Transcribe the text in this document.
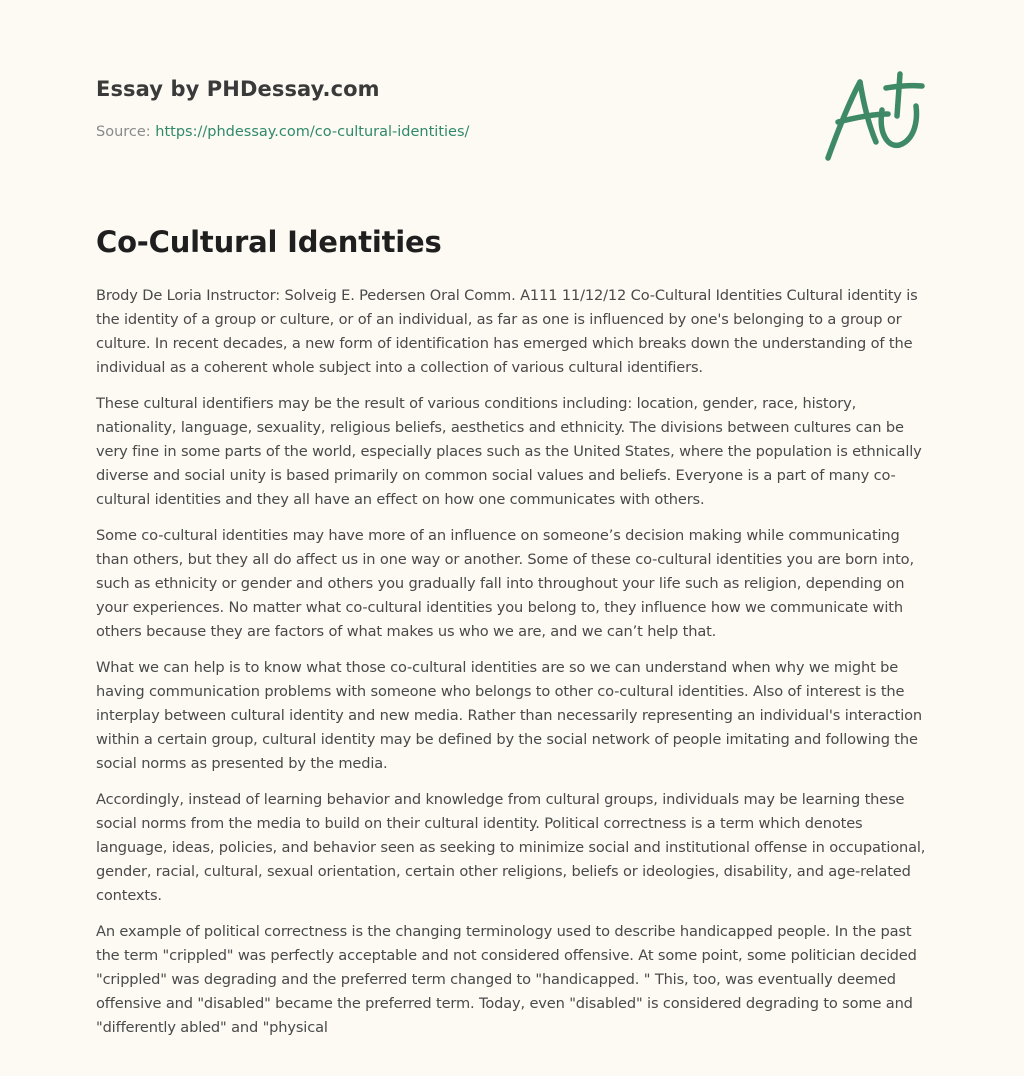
Essay by PHDessay.com
Source: https://phdessay.com/co-cultural-identities/
Co-Cultural Identities

Brody De Loria Instructor: Solveig E. Pedersen Oral Comm. A111 11/12/12 Co-Cultural Identities Cultural identity is the identity of a group or culture, or of an individual, as far as one is influenced by one's belonging to a group or culture. In recent decades, a new form of identification has emerged which breaks down the understanding of the individual as a coherent whole subject into a collection of various cultural identifiers.

These cultural identifiers may be the result of various conditions including: location, gender, race, history, nationality, language, sexuality, religious beliefs, aesthetics and ethnicity. The divisions between cultures can be very fine in some parts of the world, especially places such as the United States, where the population is ethnically diverse and social unity is based primarily on common social values and beliefs. Everyone is a part of many co-cultural identities and they all have an effect on how one communicates with others.

Some co-cultural identities may have more of an influence on someone’s decision making while communicating than others, but they all do affect us in one way or another. Some of these co-cultural identities you are born into, such as ethnicity or gender and others you gradually fall into throughout your life such as religion, depending on your experiences. No matter what co-cultural identities you belong to, they influence how we communicate with others because they are factors of what makes us who we are, and we can’t help that.

What we can help is to know what those co-cultural identities are so we can understand when why we might be having communication problems with someone who belongs to other co-cultural identities. Also of interest is the interplay between cultural identity and new media. Rather than necessarily representing an individual's interaction within a certain group, cultural identity may be defined by the social network of people imitating and following the social norms as presented by the media.

Accordingly, instead of learning behavior and knowledge from cultural groups, individuals may be learning these social norms from the media to build on their cultural identity. Political correctness is a term which denotes language, ideas, policies, and behavior seen as seeking to minimize social and institutional offense in occupational, gender, racial, cultural, sexual orientation, certain other religions, beliefs or ideologies, disability, and age-related contexts.

An example of political correctness is the changing terminology used to describe handicapped people. In the past the term "crippled" was perfectly acceptable and not considered offensive. At some point, some politician decided "crippled" was degrading and the preferred term changed to "handicapped. " This, too, was eventually deemed offensive and "disabled" became the preferred term. Today, even "disabled" is considered degrading to some and "differently abled" and "physical
